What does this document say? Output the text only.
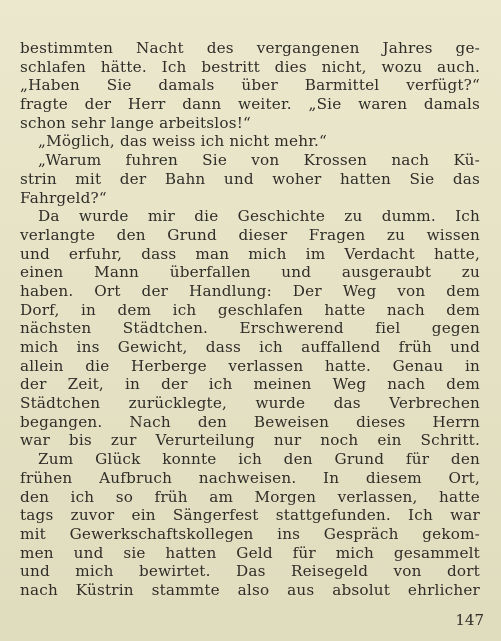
bestimmten Nacht des vergangenen Jahres ge-
schlafen hätte. Ich bestritt dies nicht, wozu auch.
„Haben Sie damals über Barmittel verfügt?“
fragte der Herr dann weiter. „Sie waren damals
schon sehr lange arbeitslos!“
„Möglich, das weiss ich nicht mehr.“
„Warum fuhren Sie von Krossen nach Kü-
strin mit der Bahn und woher hatten Sie das
Fahrgeld?“
Da wurde mir die Geschichte zu dumm. Ich
verlangte den Grund dieser Fragen zu wissen
und erfuhr, dass man mich im Verdacht hatte,
einen Mann überfallen und ausgeraubt zu
haben. Ort der Handlung: Der Weg von dem
Dorf, in dem ich geschlafen hatte nach dem
nächsten Städtchen. Erschwerend fiel gegen
mich ins Gewicht, dass ich auffallend früh und
allein die Herberge verlassen hatte. Genau in
der Zeit, in der ich meinen Weg nach dem
Städtchen zurücklegte, wurde das Verbrechen
begangen. Nach den Beweisen dieses Herrn
war bis zur Verurteilung nur noch ein Schritt.
Zum Glück konnte ich den Grund für den
frühen Aufbruch nachweisen. In diesem Ort,
den ich so früh am Morgen verlassen, hatte
tags zuvor ein Sängerfest stattgefunden. Ich war
mit Gewerkschaftskollegen ins Gespräch gekom-
men und sie hatten Geld für mich gesammelt
und mich bewirtet. Das Reisegeld von dort
nach Küstrin stammte also aus absolut ehrlicher
147
